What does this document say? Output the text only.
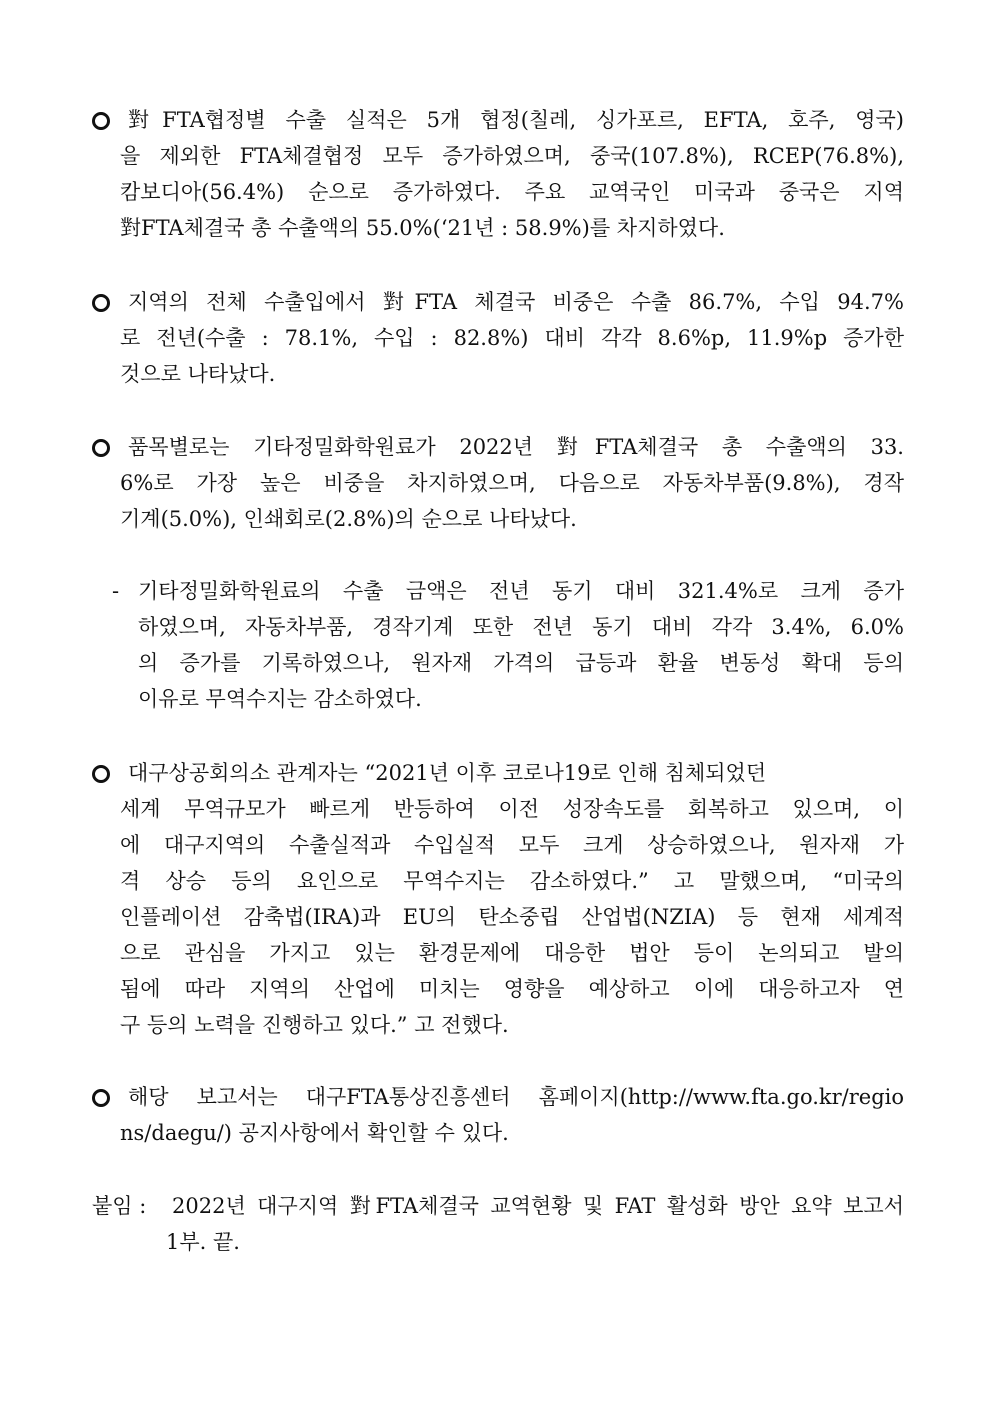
對FTA협정별 수출 실적은 5개 협정(칠레, 싱가포르, EFTA, 호주, 영국)
을 제외한 FTA체결협정 모두 증가하였으며, 중국(107.8%), RCEP(76.8%),
캄보디아(56.4%) 순으로 증가하였다. 주요 교역국인 미국과 중국은 지역
對FTA체결국 총 수출액의 55.0%(‘21년 : 58.9%)를 차지하였다.
지역의 전체 수출입에서 對FTA 체결국 비중은 수출 86.7%, 수입 94.7%
로 전년(수출 : 78.1%, 수입 : 82.8%) 대비 각각 8.6%p, 11.9%p 증가한
것으로 나타났다.
품목별로는 기타정밀화학원료가 2022년 對FTA체결국 총 수출액의 33.
6%로 가장 높은 비중을 차지하였으며, 다음으로 자동차부품(9.8%), 경작
기계(5.0%), 인쇄회로(2.8%)의 순으로 나타났다.
- 기타정밀화학원료의 수출 금액은 전년 동기 대비 321.4%로 크게 증가
하였으며, 자동차부품, 경작기계 또한 전년 동기 대비 각각 3.4%, 6.0%
의 증가를 기록하였으나, 원자재 가격의 급등과 환율 변동성 확대 등의
이유로 무역수지는 감소하였다.
대구상공회의소 관계자는 “2021년 이후 코로나19로 인해 침체되었던
세계 무역규모가 빠르게 반등하여 이전 성장속도를 회복하고 있으며, 이
에 대구지역의 수출실적과 수입실적 모두 크게 상승하였으나, 원자재 가
격 상승 등의 요인으로 무역수지는 감소하였다.” 고 말했으며, “미국의
인플레이션 감축법(IRA)과 EU의 탄소중립 산업법(NZIA) 등 현재 세계적
으로 관심을 가지고 있는 환경문제에 대응한 법안 등이 논의되고 발의
됨에 따라 지역의 산업에 미치는 영향을 예상하고 이에 대응하고자 연
구 등의 노력을 진행하고 있다.” 고 전했다.
해당 보고서는 대구FTA통상진흥센터 홈페이지(http://www.fta.go.kr/regio
ns/daegu/) 공지사항에서 확인할 수 있다.
붙임 : 2022년 대구지역 對FTA체결국 교역현황 및 FAT 활성화 방안 요약 보고서
1부. 끝.
